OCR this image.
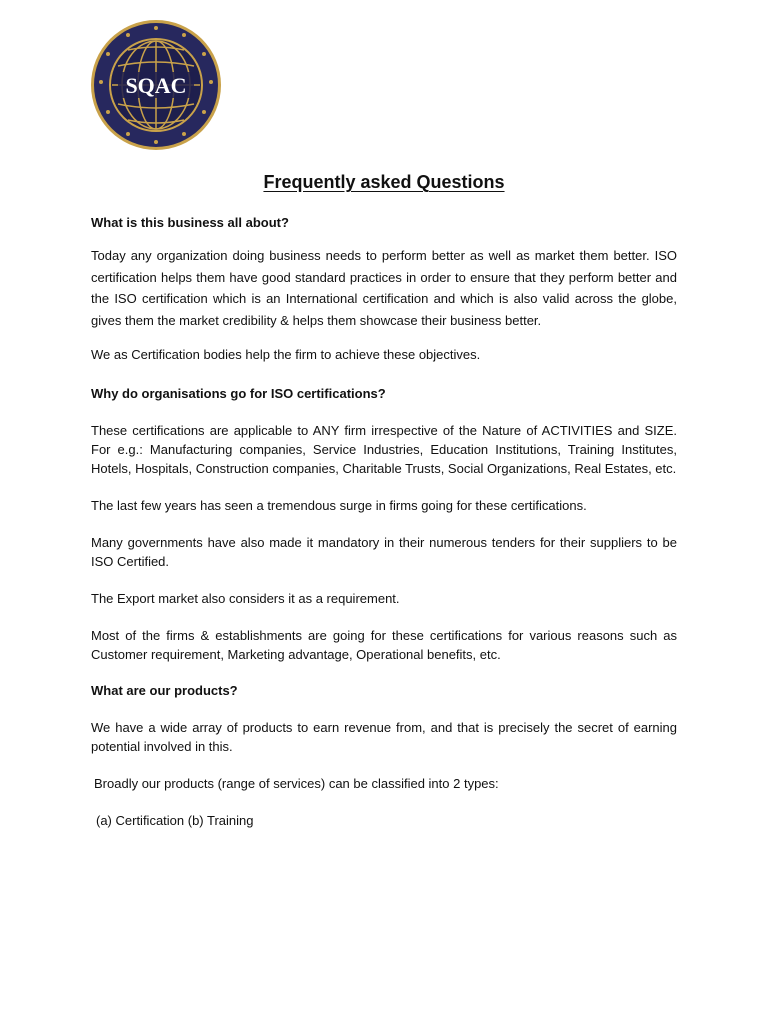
SQAC
Frequently asked Questions

What is this business all about?

Today any organization doing business needs to perform better as well as market them better. ISO certification helps them have good standard practices in order to ensure that they perform better and the ISO certification which is an International certification and which is also valid across the globe, gives them the market credibility & helps them showcase their business better.

We as Certification bodies help the firm to achieve these objectives.

Why do organisations go for ISO certifications?

These certifications are applicable to ANY firm irrespective of the Nature of ACTIVITIES and SIZE. For e.g.: Manufacturing companies, Service Industries, Education Institutions, Training Institutes, Hotels, Hospitals, Construction companies, Charitable Trusts, Social Organizations, Real Estates, etc.

The last few years has seen a tremendous surge in firms going for these certifications.

Many governments have also made it mandatory in their numerous tenders for their suppliers to be ISO Certified.

The Export market also considers it as a requirement.

Most of the firms & establishments are going for these certifications for various reasons such as Customer requirement, Marketing advantage, Operational benefits, etc.

What are our products?

We have a wide array of products to earn revenue from, and that is precisely the secret of earning potential involved in this.

Broadly our products (range of services) can be classified into 2 types:

(a) Certification (b) Training
